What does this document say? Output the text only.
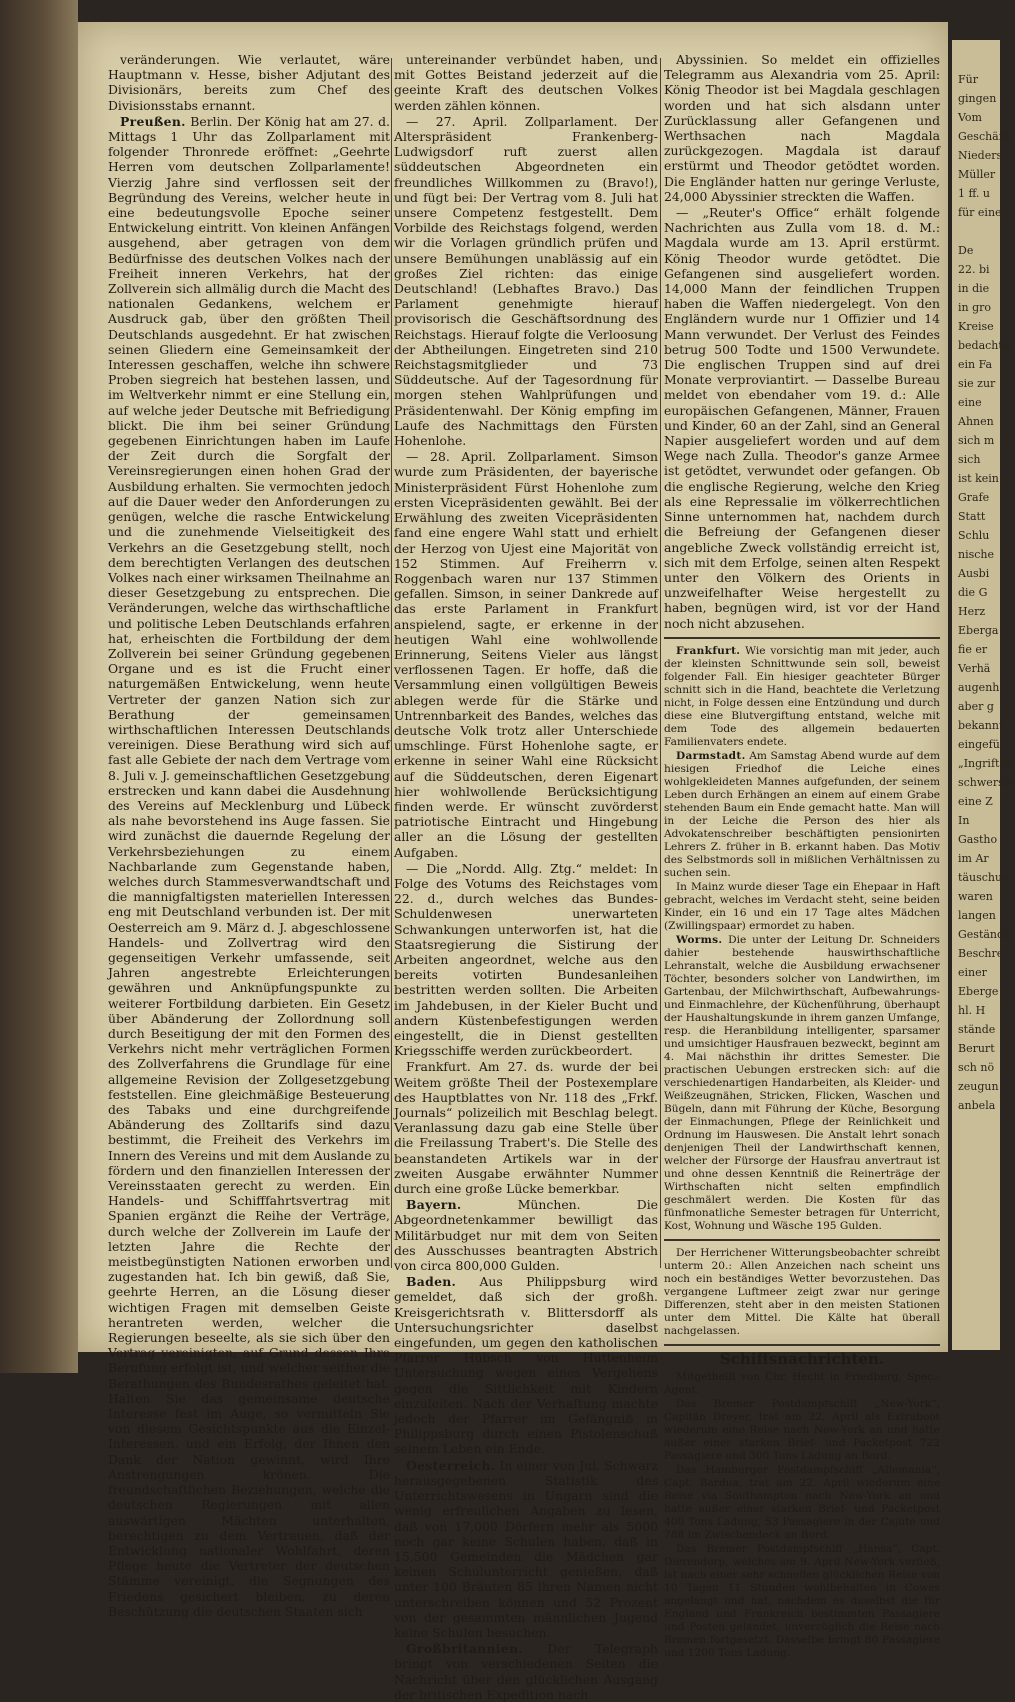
Für
gingen
Vom
Geschäfts
Nieders
Müller
1 ff. u
für eine

De
22. bi
in die
in gro
Kreise
bedachte
ein Fa
sie zur
eine
Ahnen
sich m
sich
ist kein
Grafe
Statt
Schlu
nische
Ausbi
die G
Herz
Eberga
fie er
Verhä
augenh
aber g
bekannt
eingefü
„Ingriften
schwerste
eine Z
In
Gastho
im Ar
täuschun
waren
langen
Geständn
Beschre
einer
Eberge
hl. H
stände
Berurt
sch nö
zeugun
anbela

veränderungen. Wie verlautet, wäre Hauptmann v. Hesse, bisher Adjutant des Divisionärs, bereits zum Chef des Divisionsstabs ernannt.

Preußen. Berlin. Der König hat am 27. d. Mittags 1 Uhr das Zollparlament mit folgender Thronrede eröffnet: „Geehrte Herren vom deutschen Zollparlamente! Vierzig Jahre sind verflossen seit der Begründung des Vereins, welcher heute in eine bedeutungsvolle Epoche seiner Entwickelung eintritt. Von kleinen Anfängen ausgehend, aber getragen von dem Bedürfnisse des deutschen Volkes nach der Freiheit inneren Verkehrs, hat der Zollverein sich allmälig durch die Macht des nationalen Gedankens, welchem er Ausdruck gab, über den größten Theil Deutschlands ausgedehnt. Er hat zwischen seinen Gliedern eine Gemeinsamkeit der Interessen geschaffen, welche ihn schwere Proben siegreich hat bestehen lassen, und im Weltverkehr nimmt er eine Stellung ein, auf welche jeder Deutsche mit Befriedigung blickt. Die ihm bei seiner Gründung gegebenen Einrichtungen haben im Laufe der Zeit durch die Sorgfalt der Vereinsregierungen einen hohen Grad der Ausbildung erhalten. Sie vermochten jedoch auf die Dauer weder den Anforderungen zu genügen, welche die rasche Entwickelung und die zunehmende Vielseitigkeit des Verkehrs an die Gesetzgebung stellt, noch dem berechtigten Verlangen des deutschen Volkes nach einer wirksamen Theilnahme an dieser Gesetzgebung zu entsprechen. Die Veränderungen, welche das wirthschaftliche und politische Leben Deutschlands erfahren hat, erheischten die Fortbildung der dem Zollverein bei seiner Gründung gegebenen Organe und es ist die Frucht einer naturgemäßen Entwickelung, wenn heute Vertreter der ganzen Nation sich zur Berathung der gemeinsamen wirthschaftlichen Interessen Deutschlands vereinigen. Diese Berathung wird sich auf fast alle Gebiete der nach dem Vertrage vom 8. Juli v. J. gemeinschaftlichen Gesetzgebung erstrecken und kann dabei die Ausdehnung des Vereins auf Mecklenburg und Lübeck als nahe bevorstehend ins Auge fassen. Sie wird zunächst die dauernde Regelung der Verkehrsbeziehungen zu einem Nachbarlande zum Gegenstande haben, welches durch Stammesverwandtschaft und die mannigfaltigsten materiellen Interessen eng mit Deutschland verbunden ist. Der mit Oesterreich am 9. März d. J. abgeschlossene Handels- und Zollvertrag wird den gegenseitigen Verkehr umfassende, seit Jahren angestrebte Erleichterungen gewähren und Anknüpfungspunkte zu weiterer Fortbildung darbieten. Ein Gesetz über Abänderung der Zollordnung soll durch Beseitigung der mit den Formen des Verkehrs nicht mehr verträglichen Formen des Zollverfahrens die Grundlage für eine allgemeine Revision der Zollgesetzgebung feststellen. Eine gleichmäßige Besteuerung des Tabaks und eine durchgreifende Abänderung des Zolltarifs sind dazu bestimmt, die Freiheit des Verkehrs im Innern des Vereins und mit dem Auslande zu fördern und den finanziellen Interessen der Vereinsstaaten gerecht zu werden. Ein Handels- und Schifffahrtsvertrag mit Spanien ergänzt die Reihe der Verträge, durch welche der Zollverein im Laufe der letzten Jahre die Rechte der meistbegünstigten Nationen erworben und zugestanden hat. Ich bin gewiß, daß Sie, geehrte Herren, an die Lösung dieser wichtigen Fragen mit demselben Geiste herantreten werden, welcher die Regierungen beseelte, als sie sich über den Vertrag vereinigten, auf Grund dessen Ihre Berufung erfolgt ist, und welcher seither die Berathungen des Bundesrathes geleitet hat. Halten Sie das gemeinsame deutsche Interesse fest im Auge, so vermitteln Sie von diesem Gesichtspunkte aus die Einzel-Interessen, und ein Erfolg, der Ihnen den Dank der Nation gewinnt, wird Ihre Anstrengungen krönen. Die freundschaftlichen Beziehungen, welche die deutschen Regierungen mit allen auswärtigen Mächten unterhalten, berechtigen zu dem Vertrauen, daß der Entwicklung nationaler Wohlfahrt, deren Pflege heute die Vertreter der deutschen Stämme vereinigt, die Segnungen des Friedens gesichert bleiben, zu deren Beschützung die deutschen Staaten sich

untereinander verbündet haben, und mit Gottes Beistand jederzeit auf die geeinte Kraft des deutschen Volkes werden zählen können.

— 27. April. Zollparlament. Der Alterspräsident Frankenberg-Ludwigsdorf ruft zuerst allen süddeutschen Abgeordneten ein freundliches Willkommen zu (Bravo!), und fügt bei: Der Vertrag vom 8. Juli hat unsere Competenz festgestellt. Dem Vorbilde des Reichstags folgend, werden wir die Vorlagen gründlich prüfen und unsere Bemühungen unablässig auf ein großes Ziel richten: das einige Deutschland! (Lebhaftes Bravo.) Das Parlament genehmigte hierauf provisorisch die Geschäftsordnung des Reichstags. Hierauf folgte die Verloosung der Abtheilungen. Eingetreten sind 210 Reichstagsmitglieder und 73 Süddeutsche. Auf der Tagesordnung für morgen stehen Wahlprüfungen und Präsidentenwahl. Der König empfing im Laufe des Nachmittags den Fürsten Hohenlohe.

— 28. April. Zollparlament. Simson wurde zum Präsidenten, der bayerische Ministerpräsident Fürst Hohenlohe zum ersten Vicepräsidenten gewählt. Bei der Erwählung des zweiten Vicepräsidenten fand eine engere Wahl statt und erhielt der Herzog von Ujest eine Majorität von 152 Stimmen. Auf Freiherrn v. Roggenbach waren nur 137 Stimmen gefallen. Simson, in seiner Dankrede auf das erste Parlament in Frankfurt anspielend, sagte, er erkenne in der heutigen Wahl eine wohlwollende Erinnerung, Seitens Vieler aus längst verflossenen Tagen. Er hoffe, daß die Versammlung einen vollgültigen Beweis ablegen werde für die Stärke und Untrennbarkeit des Bandes, welches das deutsche Volk trotz aller Unterschiede umschlinge. Fürst Hohenlohe sagte, er erkenne in seiner Wahl eine Rücksicht auf die Süddeutschen, deren Eigenart hier wohlwollende Berücksichtigung finden werde. Er wünscht zuvörderst patriotische Eintracht und Hingebung aller an die Lösung der gestellten Aufgaben.

— Die „Nordd. Allg. Ztg.“ meldet: In Folge des Votums des Reichstages vom 22. d., durch welches das Bundes-Schuldenwesen unerwarteten Schwankungen unterworfen ist, hat die Staatsregierung die Sistirung der Arbeiten angeordnet, welche aus den bereits votirten Bundesanleihen bestritten werden sollten. Die Arbeiten im Jahdebusen, in der Kieler Bucht und andern Küstenbefestigungen werden eingestellt, die in Dienst gestellten Kriegsschiffe werden zurückbeordert.

Frankfurt. Am 27. ds. wurde der bei Weitem größte Theil der Postexemplare des Hauptblattes von Nr. 118 des „Frkf. Journals“ polizeilich mit Beschlag belegt. Veranlassung dazu gab eine Stelle über die Freilassung Trabert's. Die Stelle des beanstandeten Artikels war in der zweiten Ausgabe erwähnter Nummer durch eine große Lücke bemerkbar.

Bayern.	München. Die Abgeordnetenkammer bewilligt das Militärbudget nur mit dem von Seiten des Ausschusses beantragten Abstrich von circa 800,000 Gulden.

Baden. Aus Philippsburg wird gemeldet, daß sich der großh. Kreisgerichtsrath v. Blittersdorff als Untersuchungsrichter daselbst eingefunden, um gegen den katholischen Pfarrer Hübsch von Huttenheim Untersuchung wegen eines Vergehens gegen die Sittlichkeit mit Kindern einzuleiten. Nach der Verhaftung machte jedoch der Pfarrer im Gefängniß in Philippsburg durch einen Pistolenschuß seinem Leben ein Ende.

Oesterreich. In einer von Jul. Schwarz herausgegebenen Statistik des Unterrichtswesens in Ungarn sind die wenig erfreulichen Angaben zu lesen, daß von 17,000 Dörfern mehr als 5000 noch gar keine Schulen haben, daß in 15,500 Gemeinden die Mädchen gar keinen Schulunterricht genießen, daß unter 100 Bräuten 85 ihren Namen nicht unterschreiben können und 52 Prozent von der gesammten männlichen Jugend keine Schulen besuchen.

Großbritannien. Der Telegraph bringt von verschiedenen Seiten die Nachricht über den glücklichen Ausgang der britischen Expedition nach

Abyssinien. So meldet ein offizielles Telegramm aus Alexandria vom 25. April: König Theodor ist bei Magdala geschlagen worden und hat sich alsdann unter Zurücklassung aller Gefangenen und Werthsachen nach Magdala zurückgezogen. Magdala ist darauf erstürmt und Theodor getödtet worden. Die Engländer hatten nur geringe Verluste, 24,000 Abyssinier streckten die Waffen.

— „Reuter's Office“ erhält folgende Nachrichten aus Zulla vom 18. d. M.: Magdala wurde am 13. April erstürmt. König Theodor wurde getödtet. Die Gefangenen sind ausgeliefert worden. 14,000 Mann der feindlichen Truppen haben die Waffen niedergelegt. Von den Engländern wurde nur 1 Offizier und 14 Mann verwundet. Der Verlust des Feindes betrug 500 Todte und 1500 Verwundete. Die englischen Truppen sind auf drei Monate verproviantirt. — Dasselbe Bureau meldet von ebendaher vom 19. d.: Alle europäischen Gefangenen, Männer, Frauen und Kinder, 60 an der Zahl, sind an General Napier ausgeliefert worden und auf dem Wege nach Zulla. Theodor's ganze Armee ist getödtet, verwundet oder gefangen. Ob die englische Regierung, welche den Krieg als eine Repressalie im völkerrechtlichen Sinne unternommen hat, nachdem durch die Befreiung der Gefangenen dieser angebliche Zweck vollständig erreicht ist, sich mit dem Erfolge, seinen alten Respekt unter den Völkern des Orients in unzweifelhafter Weise hergestellt zu haben, begnügen wird, ist vor der Hand noch nicht abzusehen.

Frankfurt. Wie vorsichtig man mit jeder, auch der kleinsten Schnittwunde sein soll, beweist folgender Fall. Ein hiesiger geachteter Bürger schnitt sich in die Hand, beachtete die Verletzung nicht, in Folge dessen eine Entzündung und durch diese eine Blutvergiftung entstand, welche mit dem Tode des allgemein bedauerten Familienvaters endete.

Darmstadt. Am Samstag Abend wurde auf dem hiesigen Friedhof die Leiche eines wohlgekleideten Mannes aufgefunden, der seinem Leben durch Erhängen an einem auf einem Grabe stehenden Baum ein Ende gemacht hatte. Man will in der Leiche die Person des hier als Advokatenschreiber beschäftigten pensionirten Lehrers Z. früher in B. erkannt haben. Das Motiv des Selbstmords soll in mißlichen Verhältnissen zu suchen sein.

In Mainz wurde dieser Tage ein Ehepaar in Haft gebracht, welches im Verdacht steht, seine beiden Kinder, ein 16 und ein 17 Tage altes Mädchen (Zwillingspaar) ermordet zu haben.

Worms. Die unter der Leitung Dr. Schneiders dahier bestehende hauswirthschaftliche Lehranstalt, welche die Ausbildung erwachsener Töchter, besonders solcher von Landwirthen, im Gartenbau, der Milchwirthschaft, Aufbewahrungs- und Einmachlehre, der Küchenführung, überhaupt der Haushaltungskunde in ihrem ganzen Umfange, resp. die Heranbildung intelligenter, sparsamer und umsichtiger Hausfrauen bezweckt, beginnt am 4. Mai nächsthin ihr drittes Semester. Die practischen Uebungen erstrecken sich: auf die verschiedenartigen Handarbeiten, als Kleider- und Weißzeugnähen, Stricken, Flicken, Waschen und Bügeln, dann mit Führung der Küche, Besorgung der Einmachungen, Pflege der Reinlichkeit und Ordnung im Hauswesen. Die Anstalt lehrt sonach denjenigen Theil der Landwirthschaft kennen, welcher der Fürsorge der Hausfrau anvertraut ist und ohne dessen Kenntniß die Reinerträge der Wirthschaften nicht selten empfindlich geschmälert werden. Die Kosten für das fünfmonatliche Semester betragen für Unterricht, Kost, Wohnung und Wäsche 195 Gulden.

Der Herrichener Witterungsbeobachter schreibt unterm 20.: Allen Anzeichen nach scheint uns noch ein beständiges Wetter bevorzustehen. Das vergangene Luftmeer zeigt zwar nur geringe Differenzen, steht aber in den meisten Stationen unter dem Mittel. Die Kälte hat überall nachgelassen.

Schiffsnachrichten.

Mitgetheilt von Chr. Hecht in Friedberg, Spec.-Agent.

Das Bremer Postdampfschiff „New-York“, Capitän Dreyer, trat am 22. April als Extraboot wiederum eine Reise nach New-York an und hatte außer einer starken Brief- und Packetpost 722 Passagiere und 300 Tons Ladung an Bord.

Das Hamburger Postdampfschiff „Allemania“, Capt. Bardua, trat am 22. April wiederum eine Reise via Southampton nach New-York an und hatte außer einer starken Brief- und Packetpost 400 Tons Ladung, 53 Passagiere in der Cajüte und 788 im Zwischendeck an Bord.

Das Bremer Postdampfschiff „Hansa“, Capt. Dierendorp, welches am 9. April New-York verließ, ist nach einer sehr schnellen glücklichen Reise von 10 Tagen 11 Stunden wohlbehalten in Cowes angelangt und hat, nachdem es daselbst die für England und Frankreich bestimmten Passagiere und Posten gelandet, unverzüglich die Reise nach Bremen fortgesetzt. Dasselbe bringt 80 Passagiere und 1200 Tons Ladung.
